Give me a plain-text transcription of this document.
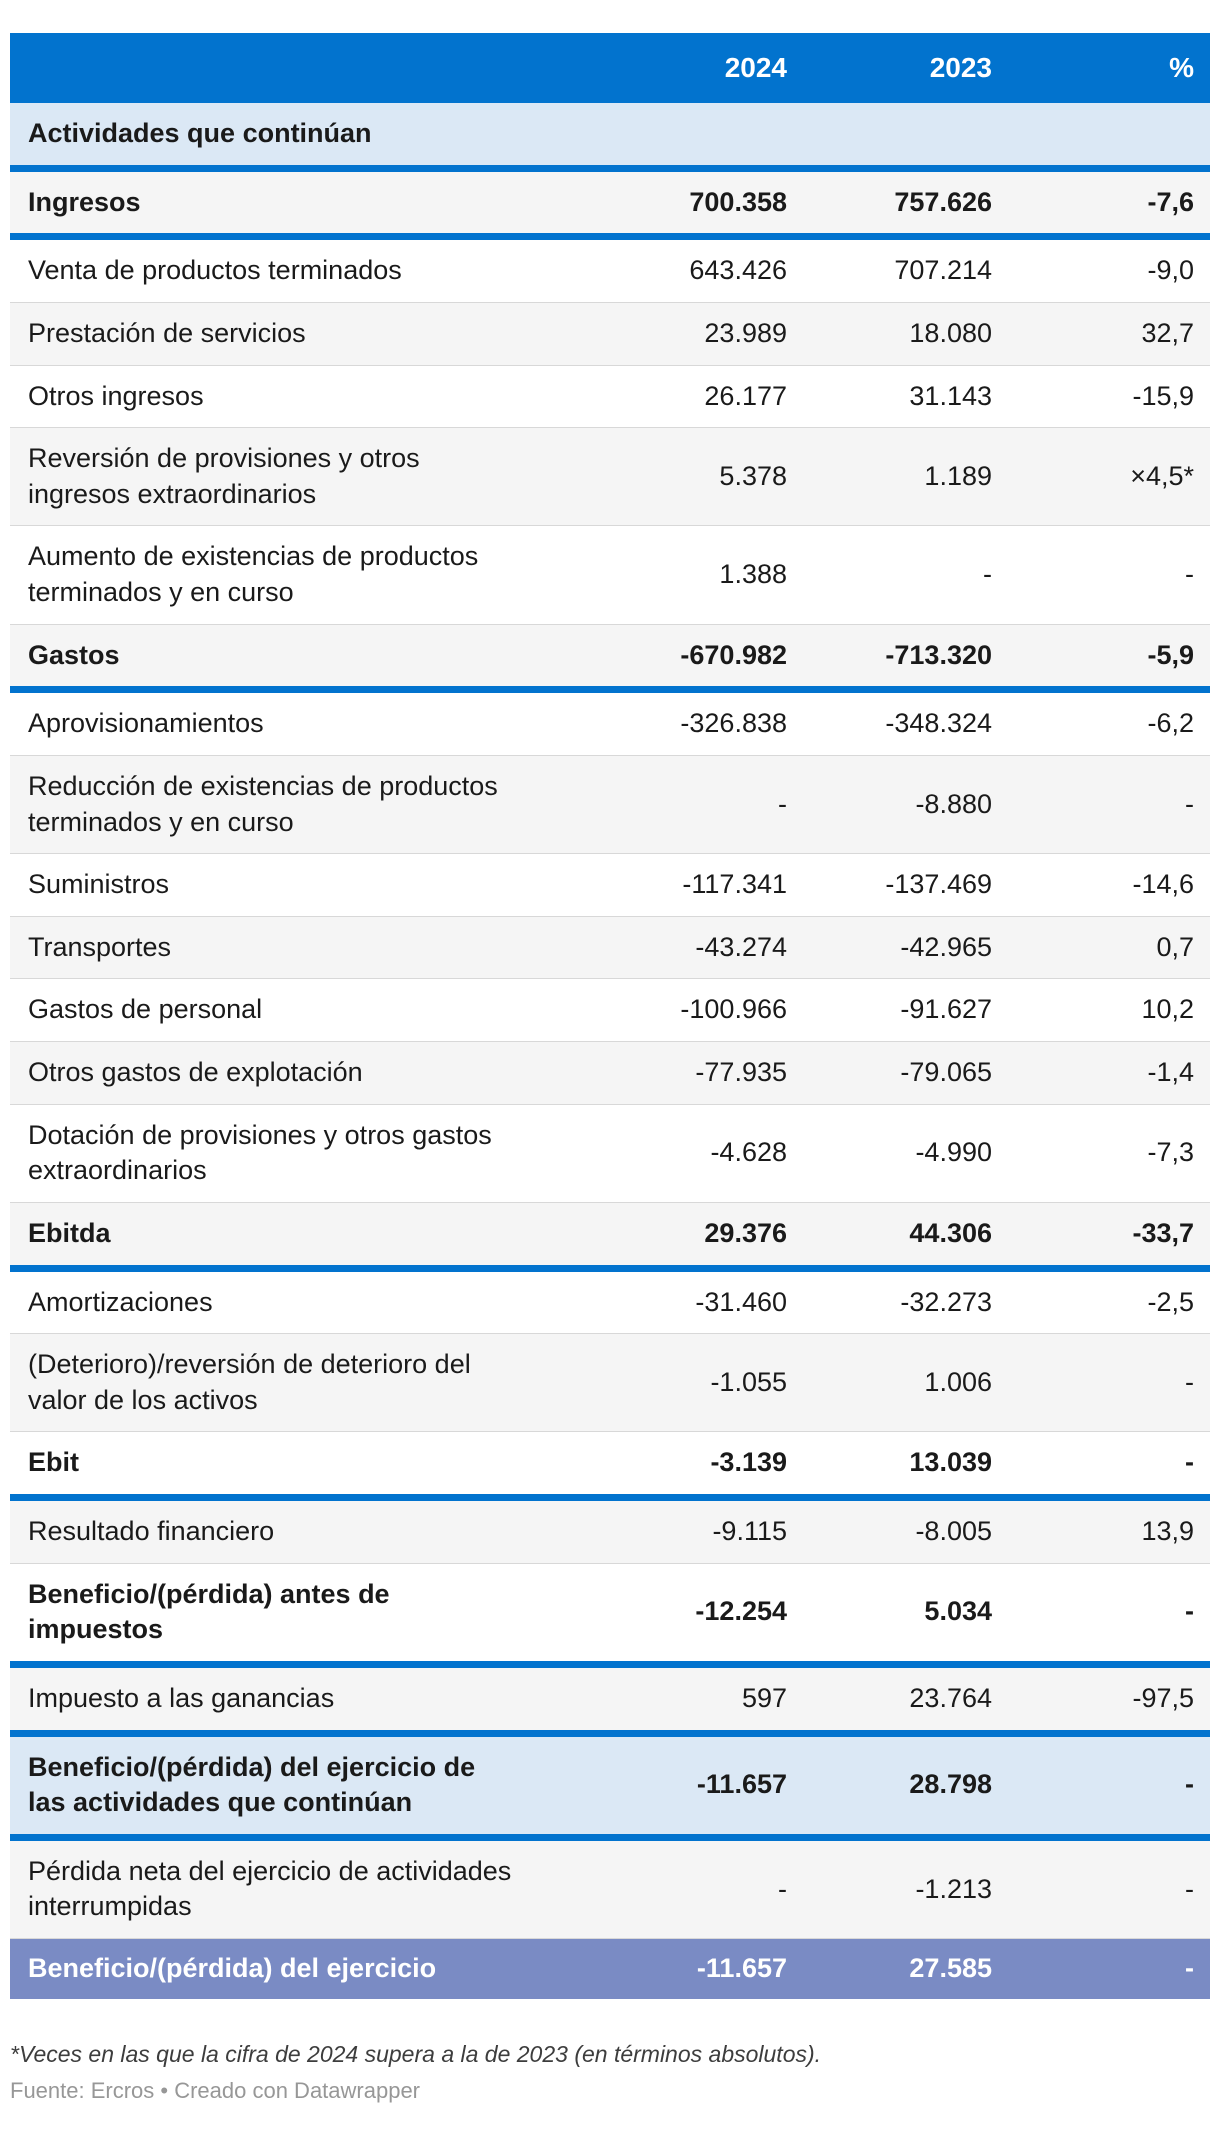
	2024	2023	%
Actividades que continúan			
Ingresos	700.358	757.626	-7,6
Venta de productos terminados	643.426	707.214	-9,0
Prestación de servicios	23.989	18.080	32,7
Otros ingresos	26.177	31.143	-15,9
Reversión de provisiones y otros ingresos extraordinarios	5.378	1.189	×4,5*
Aumento de existencias de productos terminados y en curso	1.388	-	-
Gastos	-670.982	-713.320	-5,9
Aprovisionamientos	-326.838	-348.324	-6,2
Reducción de existencias de productos terminados y en curso	-	-8.880	-
Suministros	-117.341	-137.469	-14,6
Transportes	-43.274	-42.965	0,7
Gastos de personal	-100.966	-91.627	10,2
Otros gastos de explotación	-77.935	-79.065	-1,4
Dotación de provisiones y otros gastos extraordinarios	-4.628	-4.990	-7,3
Ebitda	29.376	44.306	-33,7
Amortizaciones	-31.460	-32.273	-2,5
(Deterioro)/reversión de deterioro del valor de los activos	-1.055	1.006	-
Ebit	-3.139	13.039	-
Resultado financiero	-9.115	-8.005	13,9
Beneficio/(pérdida) antes de impuestos	-12.254	5.034	-
Impuesto a las ganancias	597	23.764	-97,5
Beneficio/(pérdida) del ejercicio de las actividades que continúan	-11.657	28.798	-
Pérdida neta del ejercicio de actividades interrumpidas	-	-1.213	-
Beneficio/(pérdida) del ejercicio	-11.657	27.585	-
*Veces en las que la cifra de 2024 supera a la de 2023 (en términos absolutos).
Fuente: Ercros • Creado con Datawrapper
